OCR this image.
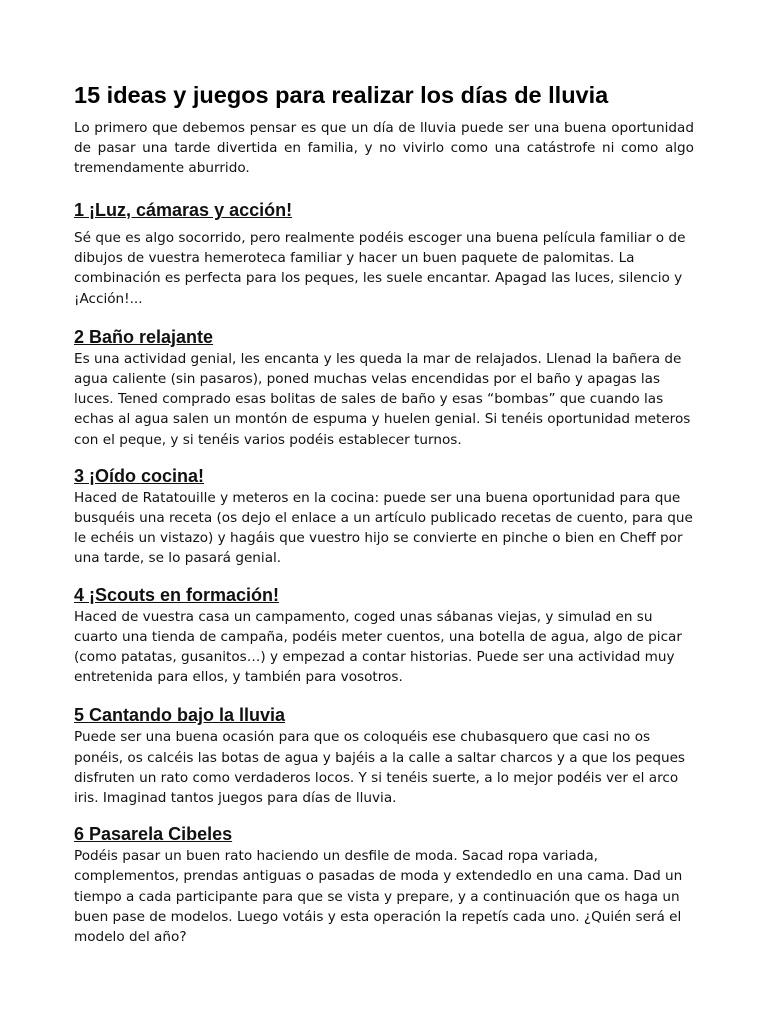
15 ideas y juegos para realizar los días de lluvia

Lo primero que debemos pensar es que un día de lluvia puede ser una buena oportunidad de pasar una tarde divertida en familia, y no vivirlo como una catástrofe ni como algo tremendamente aburrido.

1 ¡Luz, cámaras y acción!

Sé que es algo socorrido, pero realmente podéis escoger una buena película familiar o de dibujos de vuestra hemeroteca familiar y hacer un buen paquete de palomitas. La combinación es perfecta para los peques, les suele encantar. Apagad las luces, silencio y ¡Acción!...

2 Baño relajante

Es una actividad genial, les encanta y les queda la mar de relajados. Llenad la bañera de agua caliente (sin pasaros), poned muchas velas encendidas por el baño y apagas las luces. Tened comprado esas bolitas de sales de baño y esas “bombas” que cuando las echas al agua salen un montón de espuma y huelen genial. Si tenéis oportunidad meteros con el peque, y si tenéis varios podéis establecer turnos.

3 ¡Oído cocina!

Haced de Ratatouille y meteros en la cocina: puede ser una buena oportunidad para que busquéis una receta (os dejo el enlace a un artículo publicado recetas de cuento, para que le echéis un vistazo) y hagáis que vuestro hijo se convierte en pinche o bien en Cheff por una tarde, se lo pasará genial.

4 ¡Scouts en formación!

Haced de vuestra casa un campamento, coged unas sábanas viejas, y simulad en su cuarto una tienda de campaña, podéis meter cuentos, una botella de agua, algo de picar (como patatas, gusanitos…) y empezad a contar historias. Puede ser una actividad muy entretenida para ellos, y también para vosotros.

5 Cantando bajo la lluvia

Puede ser una buena ocasión para que os coloquéis ese chubasquero que casi no os ponéis, os calcéis las botas de agua y bajéis a la calle a saltar charcos y a que los peques disfruten un rato como verdaderos locos. Y si tenéis suerte, a lo mejor podéis ver el arco iris. Imaginad tantos juegos para días de lluvia.

6 Pasarela Cibeles

Podéis pasar un buen rato haciendo un desfile de moda. Sacad ropa variada, complementos, prendas antiguas o pasadas de moda y extendedlo en una cama. Dad un tiempo a cada participante para que se vista y prepare, y a continuación que os haga un buen pase de modelos. Luego votáis y esta operación la repetís cada uno. ¿Quién será el modelo del año?
